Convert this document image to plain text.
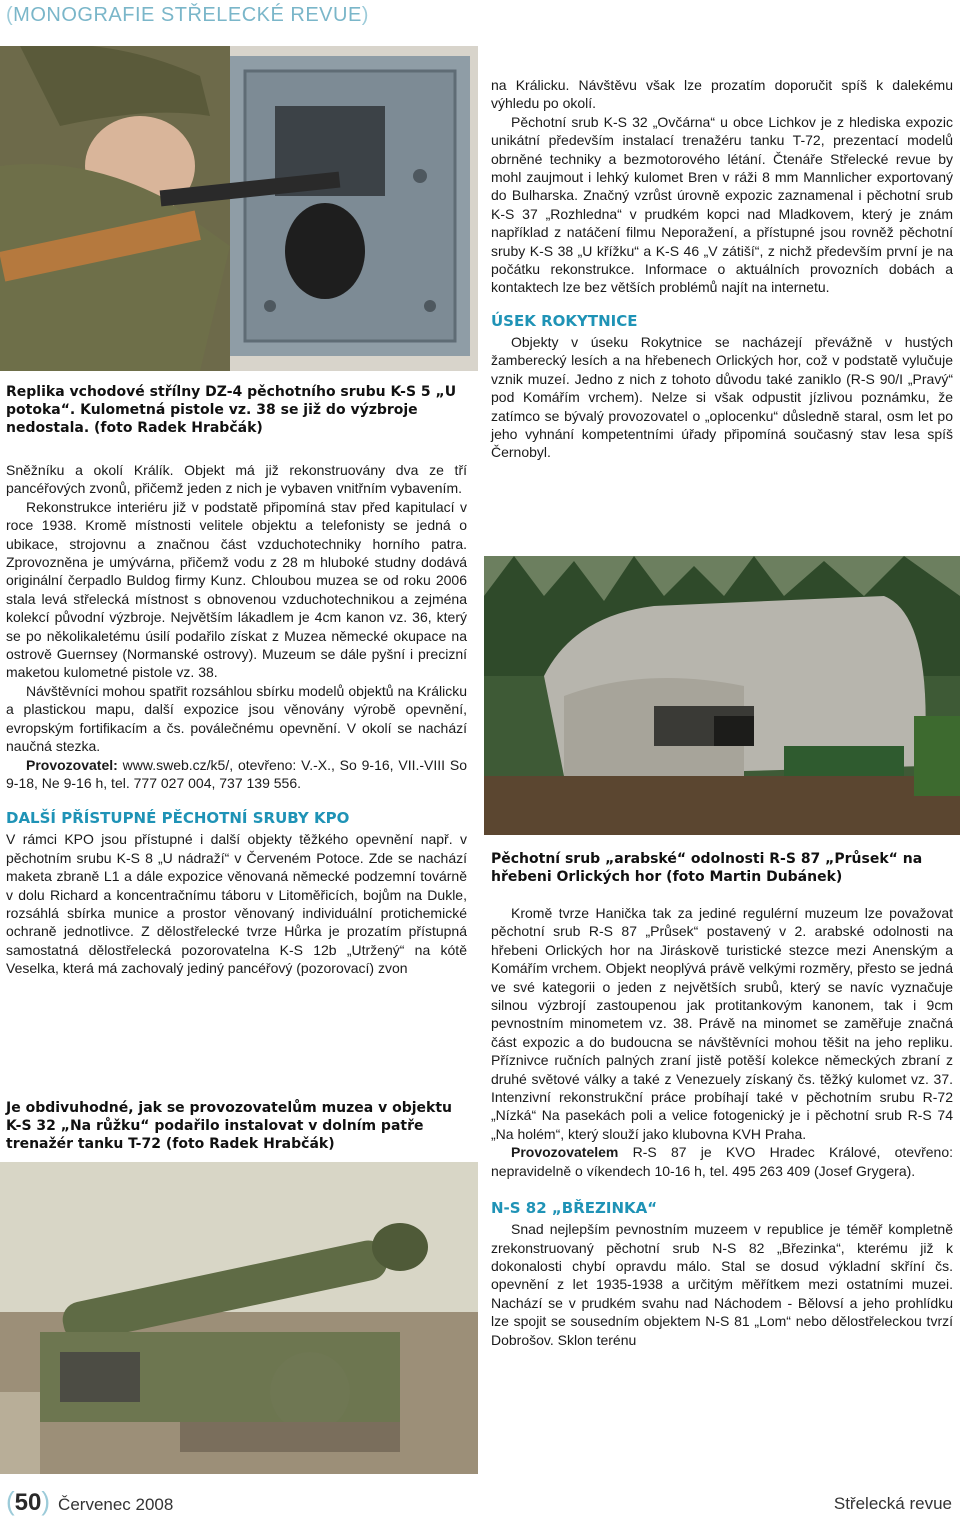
(MONOGRAFIE STŘELECKÉ REVUE)
Replika vchodové střílny DZ-4 pěchotního srubu K-S 5 „U potoka“. Kulometná pistole vz. 38 se již do výzbroje nedostala. (foto Radek Hrabčák)

Sněžníku a okolí Králík. Objekt má již rekonstruovány dva ze tří pancéřových zvonů, přičemž jeden z nich je vybaven vnitřním vybavením.

Rekonstrukce interiéru již v podstatě připomíná stav před kapitulací v roce 1938. Kromě místnosti velitele objektu a telefonisty se jedná o ubikace, strojovnu a značnou část vzduchotechniky horního patra. Zprovozněna je umývárna, přičemž vodu z 28 m hluboké studny dodává originální čerpadlo Buldog firmy Kunz. Chloubou muzea se od roku 2006 stala levá střelecká místnost s obnovenou vzduchotechnikou a zejména kolekcí původní výzbroje. Největším lákadlem je 4cm kanon vz. 36, který se po několikaletému úsilí podařilo získat z Muzea německé okupace na ostrově Guernsey (Normanské ostrovy). Muzeum se dále pyšní i precizní maketou kulometné pistole vz. 38.

Návštěvníci mohou spatřit rozsáhlou sbírku modelů objektů na Králicku a plastickou mapu, další expozice jsou věnovány výrobě opevnění, evropským fortifikacím a čs. poválečnému opevnění. V okolí se nachází naučná stezka.

Provozovatel: www.sweb.cz/k5/, otevřeno: V.-X., So 9-16, VII.-VIII So 9-18, Ne 9-16 h, tel. 777 027 004, 737 139 556.

DALŠÍ PŘÍSTUPNÉ PĚCHOTNÍ SRUBY KPO

V rámci KPO jsou přístupné i další objekty těžkého opevnění např. v pěchotním srubu K-S 8 „U nádraží“ v Červeném Potoce. Zde se nachází maketa zbraně L1 a dále expozice věnovaná německé podzemní továrně v dolu Richard a koncentračnímu táboru v Litoměřicích, bojům na Dukle, rozsáhlá sbírka munice a prostor věnovaný individuální protichemické ochraně jednotlivce. Z dělostřelecké tvrze Hůrka je prozatím přístupná samostatná dělostřelecká pozorovatelna K-S 12b „Utržený“ na kótě Veselka, která má zachovalý jediný pancéřový (pozorovací) zvon

Je obdivuhodné, jak se provozovatelům muzea v objektu K-S 32 „Na růžku“ podařilo instalovat v dolním patře trenažér tanku T-72 (foto Radek Hrabčák)

na Králicku. Návštěvu však lze prozatím doporučit spíš k dalekému výhledu po okolí.

Pěchotní srub K-S 32 „Ovčárna“ u obce Lichkov je z hlediska expozic unikátní především instalací trenažéru tanku T-72, prezentací modelů obrněné techniky a bezmotorového létání. Čtenáře Střelecké revue by mohl zaujmout i lehký kulomet Bren v ráži 8 mm Mannlicher exportovaný do Bulharska. Značný vzrůst úrovně expozic zaznamenal i pěchotní srub K-S 37 „Rozhledna“ v prudkém kopci nad Mladkovem, který je znám například z natáčení filmu Neporažení, a přístupné jsou rovněž pěchotní sruby K-S 38 „U křížku“ a K-S 46 „V zátiší“, z nichž především první je na počátku rekonstrukce. Informace o aktuálních provozních dobách a kontaktech lze bez větších problémů najít na internetu.

ÚSEK ROKYTNICE

Objekty v úseku Rokytnice se nacházejí převážně v hustých žamberecký lesích a na hřebenech Orlických hor, což v podstatě vylučuje vznik muzeí. Jedno z nich z tohoto důvodu také zaniklo (R-S 90/I „Pravý“ pod Komářím vrchem). Nelze si však odpustit jízlivou poznámku, že zatímco se bývalý provozovatel o „oplocenku“ důsledně staral, osm let po jeho vyhnání kompetentními úřady připomíná současný stav lesa spíš Černobyl.

Pěchotní srub „arabské“ odolnosti R-S 87 „Průsek“ na hřebeni Orlických hor (foto Martin Dubánek)

Kromě tvrze Hanička tak za jediné regulérní muzeum lze považovat pěchotní srub R-S 87 „Průsek“ postavený v 2. arabské odolnosti na hřebeni Orlických hor na Jiráskově turistické stezce mezi Anenským a Komářím vrchem. Objekt neoplývá právě velkými rozměry, přesto se jedná ve své kategorii o jeden z největších srubů, který se navíc vyznačuje silnou výzbrojí zastoupenou jak protitankovým kanonem, tak i 9cm pevnostním minometem vz. 38. Právě na minomet se zaměřuje značná část expozic a do budoucna se návštěvníci mohou těšit na jeho repliku. Příznivce ručních palných zraní jistě potěší kolekce německých zbraní z druhé světové války a také z Venezuely získaný čs. těžký kulomet vz. 37. Intenzivní rekonstrukční práce probíhají také v pěchotním srubu R-72 „Nízká“ Na pasekách poli a velice fotogenický je i pěchotní srub R-S 74 „Na holém“, který slouží jako klubovna KVH Praha.

Provozovatelem R-S 87 je KVO Hradec Králové, otevřeno: nepravidelně o víkendech 10-16 h, tel. 495 263 409 (Josef Grygera).

N-S 82 „BŘEZINKA“

Snad nejlepším pevnostním muzeem v republice je téměř kompletně zrekonstruovaný pěchotní srub N-S 82 „Březinka“, kterému již k dokonalosti chybí opravdu málo. Stal se dosud výkladní skříní čs. opevnění z let 1935-1938 a určitým měřítkem mezi ostatními muzei. Nachází se v prudkém svahu nad Náchodem - Bělovsí a jeho prohlídku lze spojit se sousedním objektem N-S 81 „Lom“ nebo dělostřeleckou tvrzí Dobrošov. Sklon terénu

(50) Červenec 2008	Střelecká revue
